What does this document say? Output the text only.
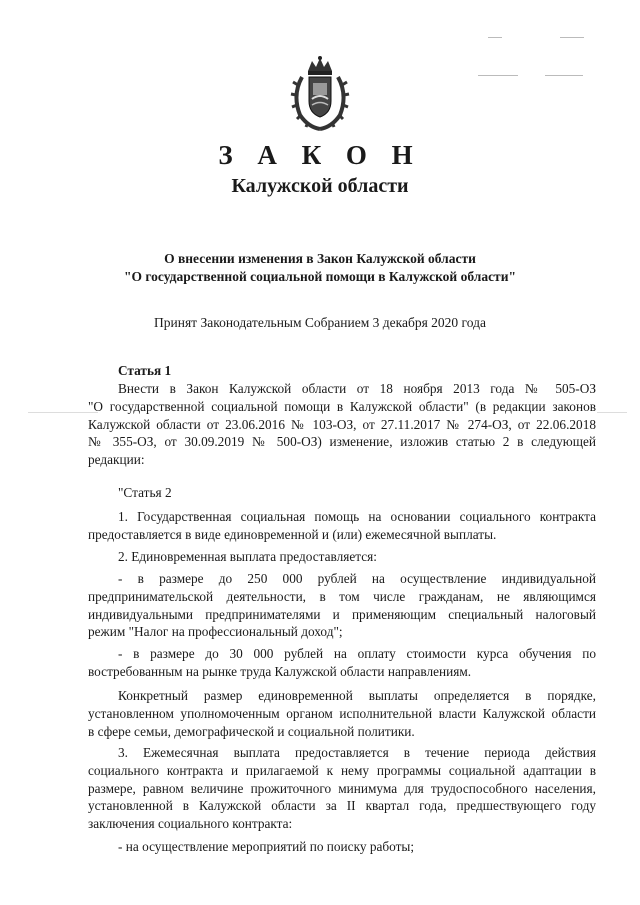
З А К О Н
Калужской области
О внесении изменения в Закон Калужской области
"О государственной социальной помощи в Калужской области"
Принят Законодательным Собранием 3 декабря 2020 года
Статья 1

Внести в Закон Калужской области от 18 ноября 2013 года № 505-ОЗ

"О государственной социальной помощи в Калужской области" (в редакции законов

Калужской области от 23.06.2016 № 103-ОЗ, от 27.11.2017 № 274-ОЗ, от 22.06.2018

№ 355-ОЗ, от 30.09.2019 № 500-ОЗ) изменение, изложив статью 2 в следующей

редакции:

"Статья 2

1. Государственная социальная помощь на основании социального контракта

предоставляется в виде единовременной и (или) ежемесячной выплаты.

2. Единовременная выплата предоставляется:

- в размере до 250 000 рублей на осуществление индивидуальной

предпринимательской деятельности, в том числе гражданам, не являющимся

индивидуальными предпринимателями и применяющим специальный налоговый

режим "Налог на профессиональный доход";

- в размере до 30 000 рублей на оплату стоимости курса обучения по

востребованным на рынке труда Калужской области направлениям.

Конкретный размер единовременной выплаты определяется в порядке,

установленном уполномоченным органом исполнительной власти Калужской области

в сфере семьи, демографической и социальной политики.

3. Ежемесячная выплата предоставляется в течение периода действия

социального контракта и прилагаемой к нему программы социальной адаптации в

размере, равном величине прожиточного минимума для трудоспособного населения,

установленной в Калужской области за II квартал года, предшествующего году

заключения социального контракта:

- на осуществление мероприятий по поиску работы;
